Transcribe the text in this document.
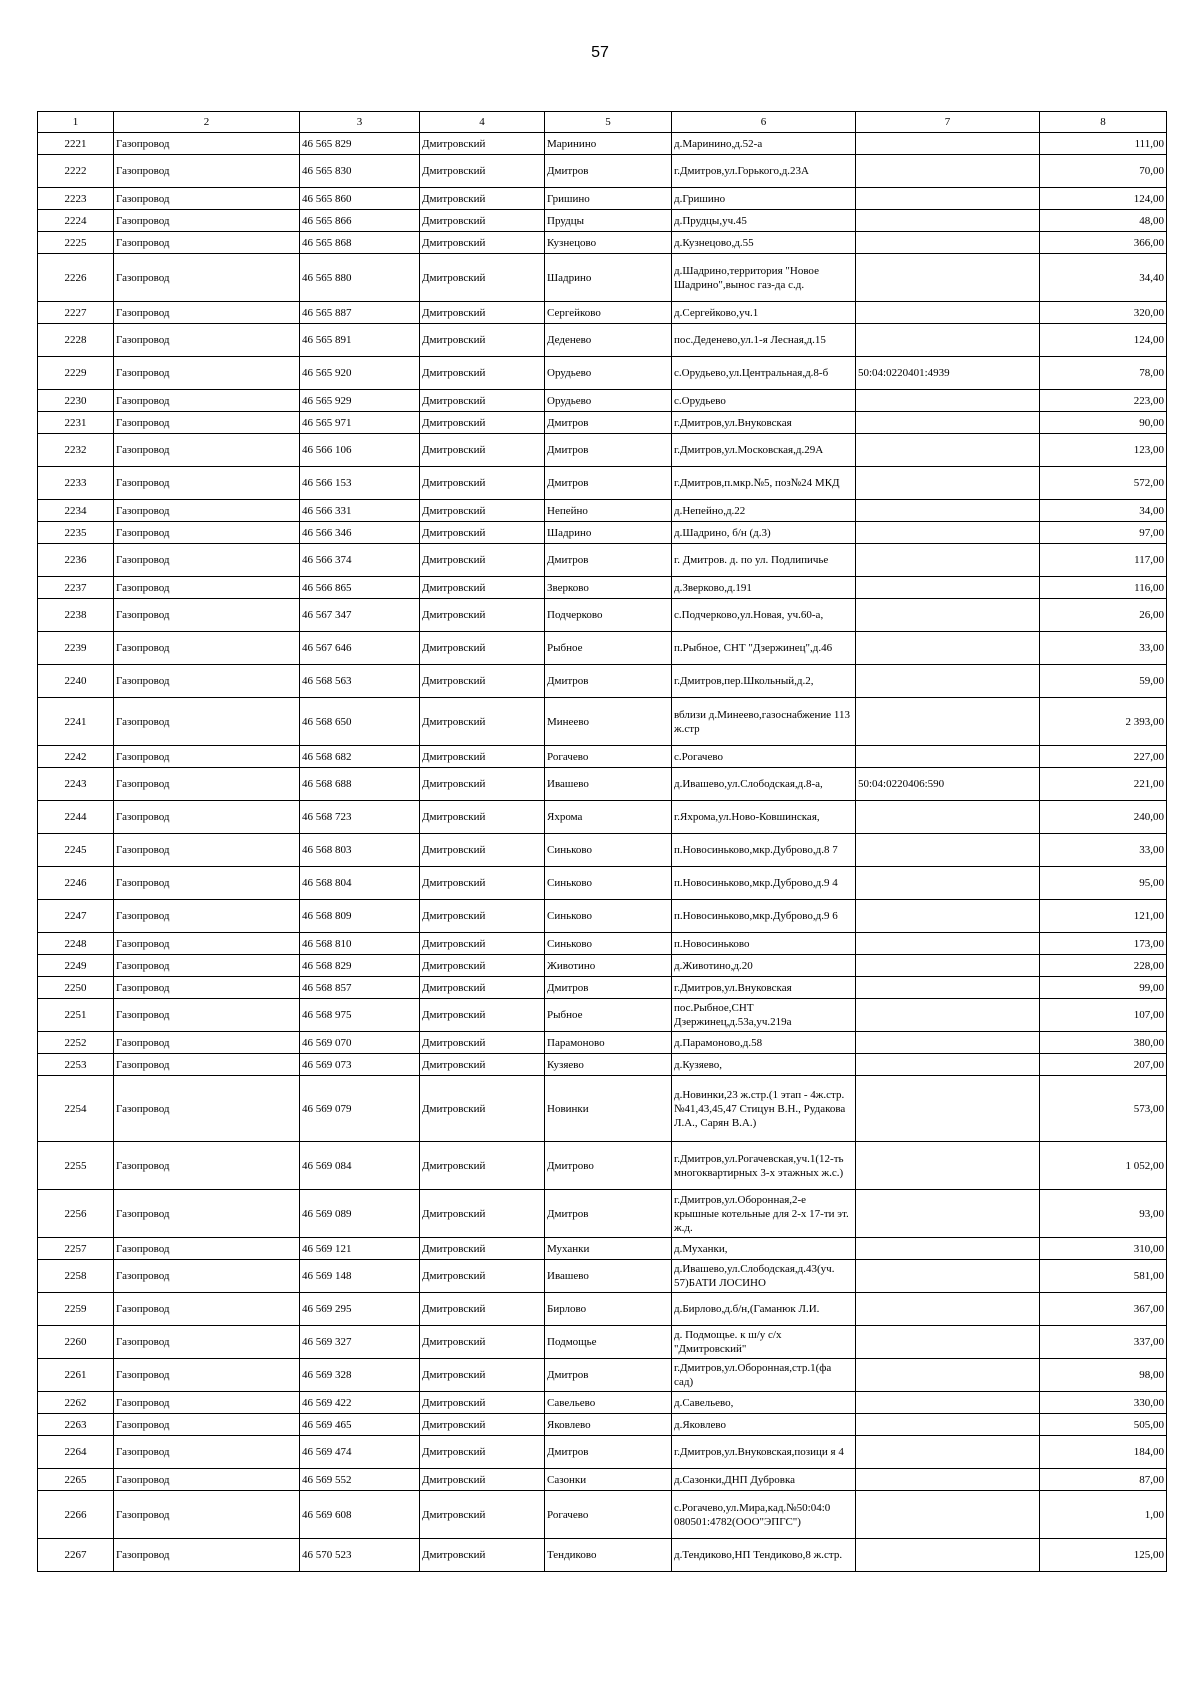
57
1	2	3	4	5	6	7	8
2221	Газопровод	46 565 829	Дмитровский	Маринино	д.Маринино,д.52-а		111,00
2222	Газопровод	46 565 830	Дмитровский	Дмитров	г.Дмитров,ул.Горького,д.23А		70,00
2223	Газопровод	46 565 860	Дмитровский	Гришино	д.Гришино		124,00
2224	Газопровод	46 565 866	Дмитровский	Прудцы	д.Прудцы,уч.45		48,00
2225	Газопровод	46 565 868	Дмитровский	Кузнецово	д.Кузнецово,д.55		366,00
2226	Газопровод	46 565 880	Дмитровский	Шадрино	д.Шадрино,территория "Новое Шадрино",вынос газ-да с.д.		34,40
2227	Газопровод	46 565 887	Дмитровский	Сергейково	д.Сергейково,уч.1		320,00
2228	Газопровод	46 565 891	Дмитровский	Деденево	пос.Деденево,ул.1-я Лесная,д.15		124,00
2229	Газопровод	46 565 920	Дмитровский	Орудьево	с.Орудьево,ул.Центральная,д.8-б	50:04:0220401:4939	78,00
2230	Газопровод	46 565 929	Дмитровский	Орудьево	с.Орудьево		223,00
2231	Газопровод	46 565 971	Дмитровский	Дмитров	г.Дмитров,ул.Внуковская		90,00
2232	Газопровод	46 566 106	Дмитровский	Дмитров	г.Дмитров,ул.Московская,д.29А		123,00
2233	Газопровод	46 566 153	Дмитровский	Дмитров	г.Дмитров,п.мкр.№5, поз№24 МКД		572,00
2234	Газопровод	46 566 331	Дмитровский	Непейно	д.Непейно,д.22		34,00
2235	Газопровод	46 566 346	Дмитровский	Шадрино	д.Шадрино, б/н (д.3)		97,00
2236	Газопровод	46 566 374	Дмитровский	Дмитров	г. Дмитров. д. по ул. Подлипичье		117,00
2237	Газопровод	46 566 865	Дмитровский	Зверково	д.Зверково,д.191		116,00
2238	Газопровод	46 567 347	Дмитровский	Подчерково	с.Подчерково,ул.Новая, уч.60-а,		26,00
2239	Газопровод	46 567 646	Дмитровский	Рыбное	п.Рыбное, СНТ "Дзержинец",д.46		33,00
2240	Газопровод	46 568 563	Дмитровский	Дмитров	г.Дмитров,пер.Школьный,д.2,		59,00
2241	Газопровод	46 568 650	Дмитровский	Минеево	вблизи д.Минеево,газоснабжение 113 ж.стр		2 393,00
2242	Газопровод	46 568 682	Дмитровский	Рогачево	с.Рогачево		227,00
2243	Газопровод	46 568 688	Дмитровский	Ивашево	д.Ивашево,ул.Слободская,д.8-а,	50:04:0220406:590	221,00
2244	Газопровод	46 568 723	Дмитровский	Яхрома	г.Яхрома,ул.Ново-Ковшинская,		240,00
2245	Газопровод	46 568 803	Дмитровский	Синьково	п.Новосиньково,мкр.Дуброво,д.8 7		33,00
2246	Газопровод	46 568 804	Дмитровский	Синьково	п.Новосиньково,мкр.Дуброво,д.9 4		95,00
2247	Газопровод	46 568 809	Дмитровский	Синьково	п.Новосиньково,мкр.Дуброво,д.9 6		121,00
2248	Газопровод	46 568 810	Дмитровский	Синьково	п.Новосиньково		173,00
2249	Газопровод	46 568 829	Дмитровский	Животино	д.Животино,д.20		228,00
2250	Газопровод	46 568 857	Дмитровский	Дмитров	г.Дмитров,ул.Внуковская		99,00
2251	Газопровод	46 568 975	Дмитровский	Рыбное	пос.Рыбное,СНТ Дзержинец,д.53а,уч.219а		107,00
2252	Газопровод	46 569 070	Дмитровский	Парамоново	д.Парамоново,д.58		380,00
2253	Газопровод	46 569 073	Дмитровский	Кузяево	д.Кузяево,		207,00
2254	Газопровод	46 569 079	Дмитровский	Новинки	д.Новинки,23 ж.стр.(1 этап - 4ж.стр.№41,43,45,47 Стицун В.Н., Рудакова Л.А., Сарян В.А.)		573,00
2255	Газопровод	46 569 084	Дмитровский	Дмитрово	г.Дмитров,ул.Рогачевская,уч.1(12-ть многоквартирных 3-х этажных ж.с.)		1 052,00
2256	Газопровод	46 569 089	Дмитровский	Дмитров	г.Дмитров,ул.Оборонная,2-е крышные котельные для 2-х 17-ти эт. ж.д.		93,00
2257	Газопровод	46 569 121	Дмитровский	Муханки	д.Муханки,		310,00
2258	Газопровод	46 569 148	Дмитровский	Ивашево	д.Ивашево,ул.Слободская,д.43(уч. 57)БАТИ ЛОСИНО		581,00
2259	Газопровод	46 569 295	Дмитровский	Бирлово	д.Бирлово,д.б/н,(Гаманюк Л.И.		367,00
2260	Газопровод	46 569 327	Дмитровский	Подмощье	д. Подмощье. к ш/у с/х "Дмитровский"		337,00
2261	Газопровод	46 569 328	Дмитровский	Дмитров	г.Дмитров,ул.Оборонная,стр.1(фа сад)		98,00
2262	Газопровод	46 569 422	Дмитровский	Савельево	д.Савельево,		330,00
2263	Газопровод	46 569 465	Дмитровский	Яковлево	д.Яковлево		505,00
2264	Газопровод	46 569 474	Дмитровский	Дмитров	г.Дмитров,ул.Внуковская,позици я 4		184,00
2265	Газопровод	46 569 552	Дмитровский	Сазонки	д.Сазонки,ДНП Дубровка		87,00
2266	Газопровод	46 569 608	Дмитровский	Рогачево	с.Рогачево,ул.Мира,кад.№50:04:0 080501:4782(ООО"ЭПГС")		1,00
2267	Газопровод	46 570 523	Дмитровский	Тендиково	д.Тендиково,НП Тендиково,8 ж.стр.		125,00
